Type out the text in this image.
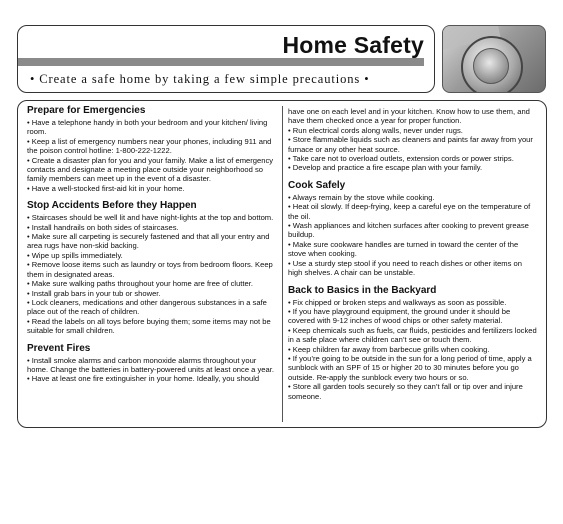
Home Safety
• Create a safe home by taking a few simple precautions •
Prepare for Emergencies

• Have a telephone handy in both your bedroom and your kitchen/ living room.

• Keep a list of emergency numbers near your phones, including 911 and the poison control hotline: 1-800-222-1222.

• Create a disaster plan for you and your family. Make a list of emergency contacts and designate a meeting place outside your neighborhood so family members can meet up in the event of a disaster.

• Have a well-stocked first-aid kit in your home.

Stop Accidents Before they Happen

• Staircases should be well lit and have night-lights at the top and bottom.

• Install handrails on both sides of staircases.

• Make sure all carpeting is securely fastened and that all your entry and area rugs have non-skid backing.

• Wipe up spills immediately.

• Remove loose items such as laundry or toys from bedroom floors. Keep them in designated areas.

• Make sure walking paths throughout your home are free of clutter.

• Install grab bars in your tub or shower.

• Lock cleaners, medications and other dangerous substances in a safe place out of the reach of children.

• Read the labels on all toys before buying them; some items may not be suitable for small children.

Prevent Fires

• Install smoke alarms and carbon monoxide alarms throughout your home. Change the batteries in battery-powered units at least once a year.

• Have at least one fire extinguisher in your home. Ideally, you should

have one on each level and in your kitchen. Know how to use them, and have them checked once a year for proper function.

• Run electrical cords along walls, never under rugs.

• Store flammable liquids such as cleaners and paints far away from your furnace or any other heat source.

• Take care not to overload outlets, extension cords or power strips.

• Develop and practice a fire escape plan with your family.

Cook Safely

• Always remain by the stove while cooking.

• Heat oil slowly. If deep-frying, keep a careful eye on the temperature of the oil.

• Wash appliances and kitchen surfaces after cooking to prevent grease buildup.

• Make sure cookware handles are turned in toward the center of the stove when cooking.

• Use a sturdy step stool if you need to reach dishes or other items on high shelves. A chair can be unstable.

Back to Basics in the Backyard

• Fix chipped or broken steps and walkways as soon as possible.

• If you have playground equipment, the ground under it should be covered with 9-12 inches of wood chips or other safety material.

• Keep chemicals such as fuels, car fluids, pesticides and fertilizers locked in a safe place where children can’t see or touch them.

• Keep children far away from barbecue grills when cooking.

• If you’re going to be outside in the sun for a long period of time, apply a sunblock with an SPF of 15 or higher 20 to 30 minutes before you go outside. Re-apply the sunblock every two hours or so.

• Store all garden tools securely so they can’t fall or tip over and injure someone.
